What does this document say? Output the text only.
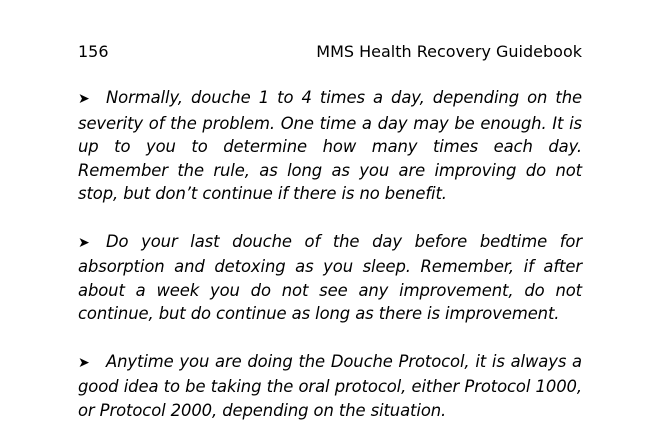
156	MMS Health Recovery Guidebook

➤ Normally, douche 1 to 4 times a day, depending on the severity of the problem. One time a day may be enough. It is up to you to determine how many times each day. Remember the rule, as long as you are improving do not stop, but don’t continue if there is no benefit.

➤ Do your last douche of the day before bedtime for absorption and detoxing as you sleep. Remember, if after about a week you do not see any improvement, do not continue, but do continue as long as there is improvement.

➤ Anytime you are doing the Douche Protocol, it is always a good idea to be taking the oral protocol, either Protocol 1000, or Protocol 2000, depending on the situation.
